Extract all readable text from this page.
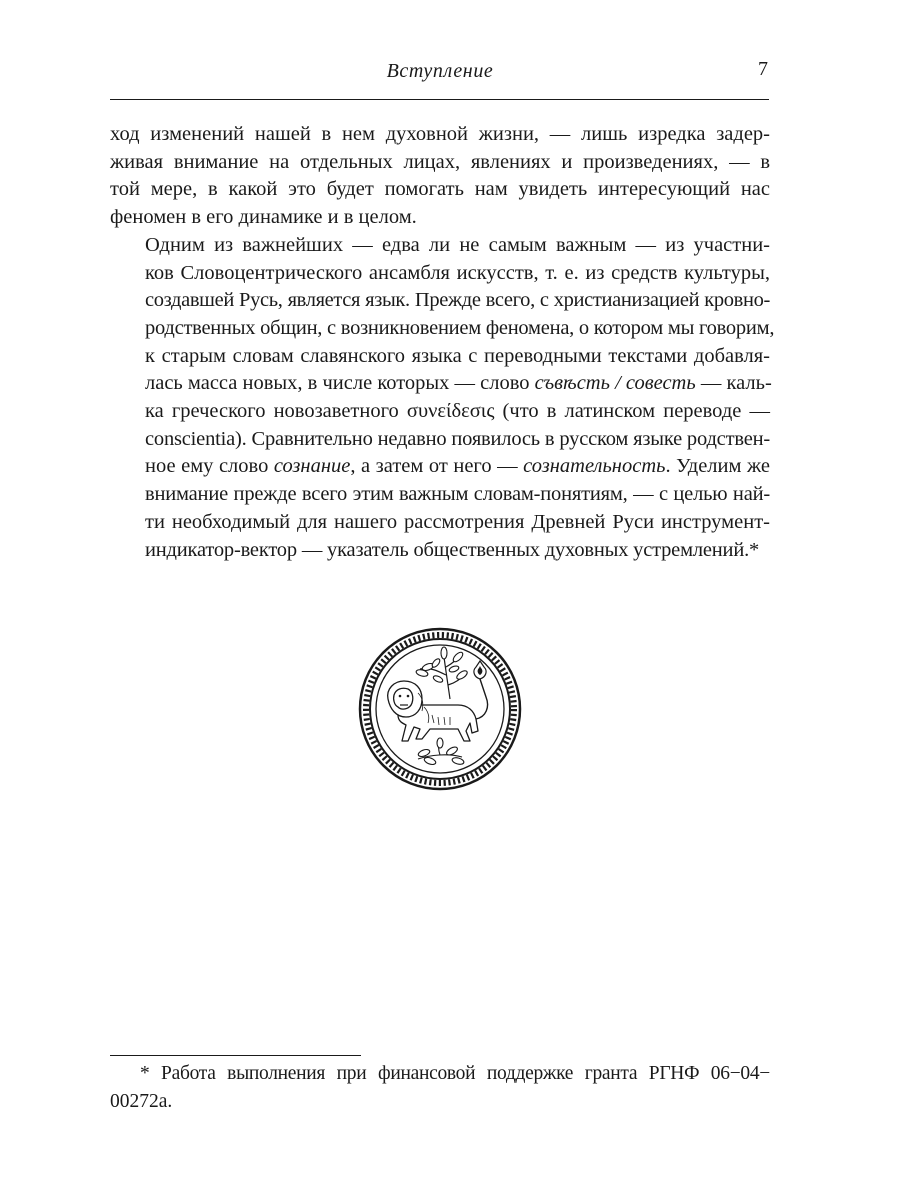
Вступление	7

ход изменений нашей в нем духовной жизни, — лишь изредка задер-
живая внимание на отдельных лицах, явлениях и произведениях, — в
той мере, в какой это будет помогать нам увидеть интересующий нас
феномен в его динамике и в целом.

Одним из важнейших — едва ли не самым важным — из участни-
ков Словоцентрического ансамбля искусств, т. е. из средств культуры,
создавшей Русь, является язык. Прежде всего, с христианизацией кровно-
родственных общин, с возникновением феномена, о котором мы говорим,
к старым словам славянского языка с переводными текстами добавля-
лась масса новых, в числе которых — слово съвѣсть / совесть — каль-
ка греческого новозаветного συνείδεσις (что в латинском переводе —
conscientia). Сравнительно недавно появилось в русском языке родствен-
ное ему слово сознание, а затем от него — сознательность. Уделим же
внимание прежде всего этим важным словам-понятиям, — с целью най-
ти необходимый для нашего рассмотрения Древней Руси инструмент-
индикатор-вектор — указатель общественных духовных устремлений.*

* Работа выполнения при финансовой поддержке гранта РГНФ 06−04−
00272а.
